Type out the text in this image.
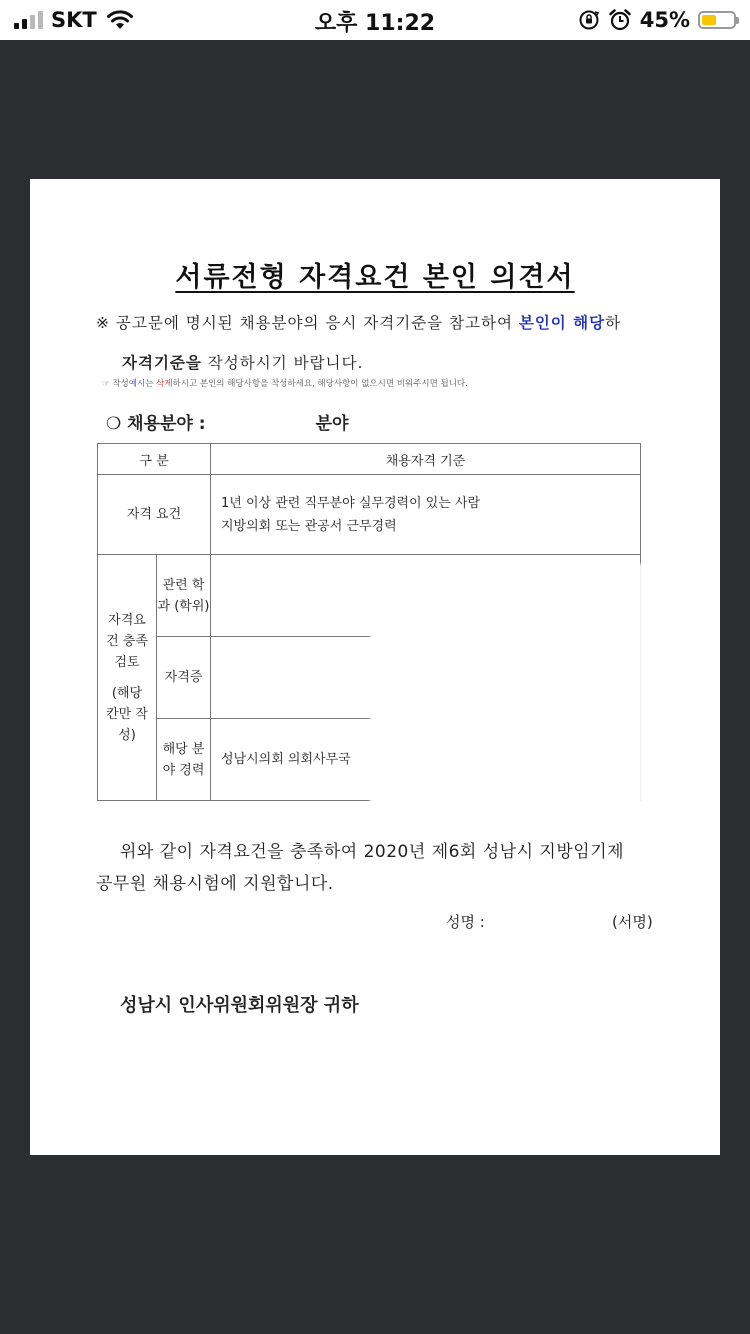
SKT	오후 11:22	45%
서류전형 자격요건 본인 의견서
※ 공고문에 명시된 채용분야의 응시 자격기준을 참고하여 본인이 해당하
자격기준을 작성하시기 바랍니다.
☞ 작성예시는 삭제하시고 본인의 해당사항을 작성하세요, 해당사항이 없으시면 비워주시면 됩니다.
❍ 채용분야 :	분야
구 분		채용자격 기준
자격 요건		1년 이상 관련 직무분야 실무경력이 있는 사람
지방의회 또는 관공서 근무경력

자격요건 충족 검토
(해당 칸만 작성)	관련 학과 (학위)	
	자격증	
	해당 분야 경력	성남시의회 의회사무국
위와 같이 자격요건을 충족하여 2020년 제6회 성남시 지방임기제
공무원 채용시험에 지원합니다.
성명 :	(서명)
성남시 인사위원회위원장 귀하
